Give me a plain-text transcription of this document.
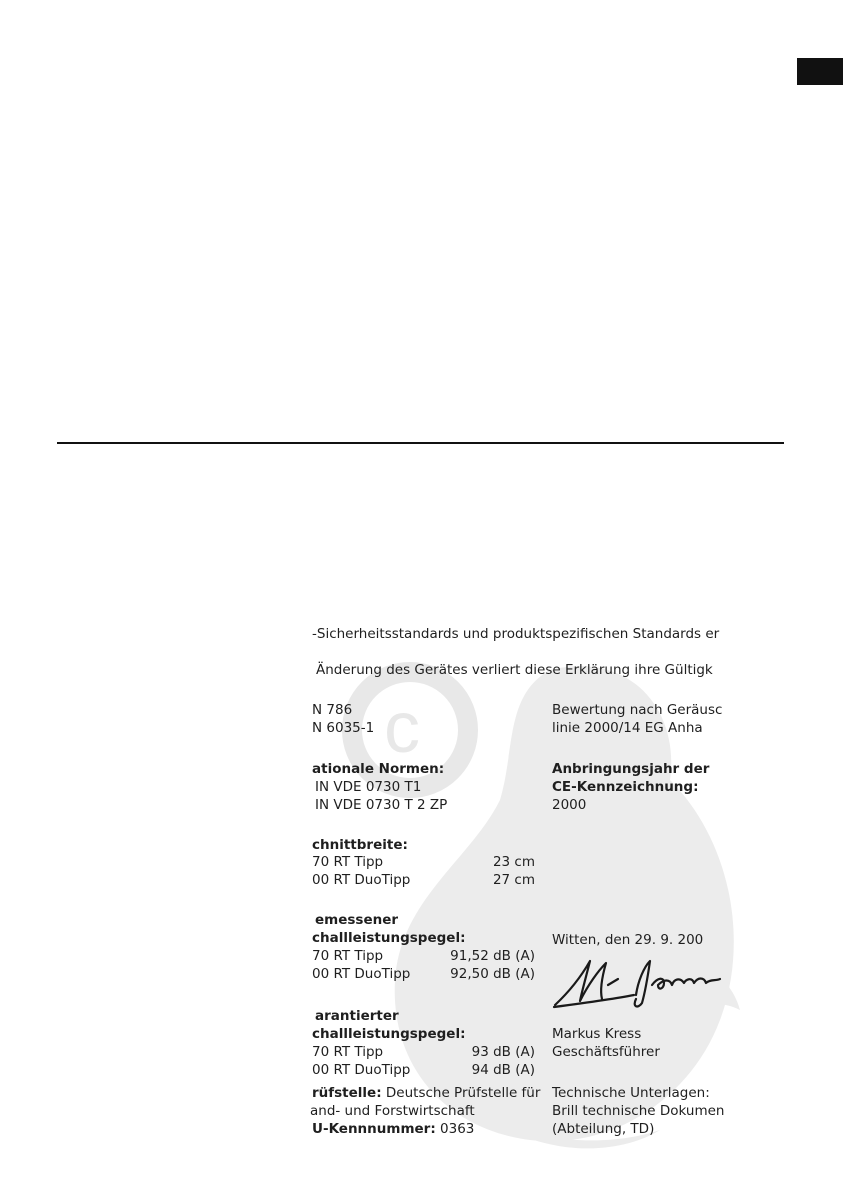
c
-Sicherheitsstandards und produktspezifischen Standards er
Änderung des Gerätes verliert diese Erklärung ihre Gültigk
N 786
N 6035-1
Bewertung nach Geräusc
linie 2000/14 EG Anha
ationale Normen:
IN VDE 0730 T1
IN VDE 0730 T 2 ZP
Anbringungsjahr der
CE-Kennzeichnung:
2000
chnittbreite:
70 RT Tipp	23 cm
00 RT DuoTipp	27 cm
emessener
challleistungspegel:
70 RT Tipp	91,52 dB (A)
00 RT DuoTipp	92,50 dB (A)
Witten, den 29. 9. 200
arantierter
challleistungspegel:
70 RT Tipp	93 dB (A)
00 RT DuoTipp	94 dB (A)
Markus Kress
Geschäftsführer
rüfstelle: Deutsche Prüfstelle für
and- und Forstwirtschaft
U-Kennnummer: 0363
Technische Unterlagen:
Brill technische Dokumen
(Abteilung, TD)
